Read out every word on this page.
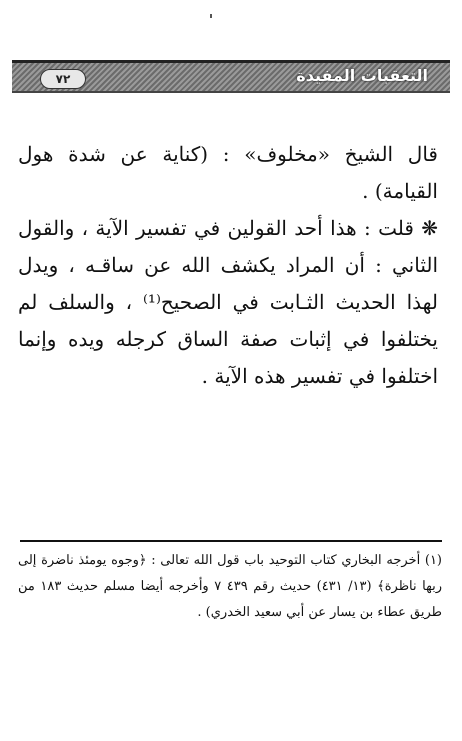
٧٢	التعقبات المفيدة

قال الشيخ «مخلوف» : (كناية عن شدة هول القيامة) .

❋ قلت : هذا أحد القولين في تفسير الآية ، والقول الثاني : أن المراد يكشف الله عن ساقـه ، ويدل لهذا الحديث الثـابت في الصحيح⁽¹⁾ ، والسلف لم يختلفوا في إثبات صفة الساق كرجله ويده وإنما اختلفوا في تفسير هذه الآية .

(١) أخرجه البخاري كتاب التوحيد باب قول الله تعالى : ﴿وجوه يومئذ ناضرة إلى ربها ناظرة﴾ (١٣/ ٤٣١) حديث رقم ٤٣٩ ٧ وأخرجه أيضا مسلم حديث ١٨٣ من طريق عطاء بن يسار عن أبي سعيد الخدري) .
